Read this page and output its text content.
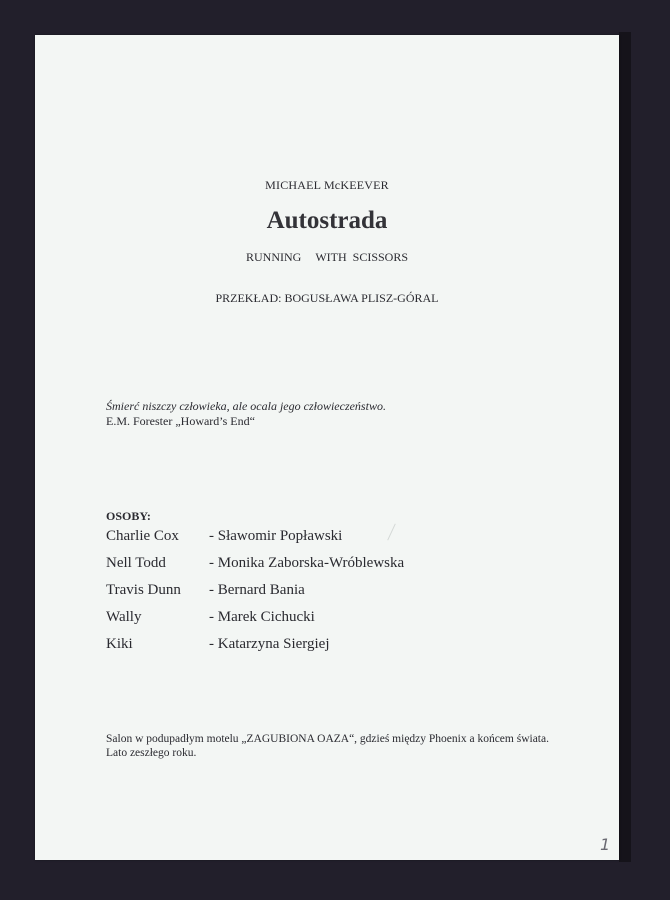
MICHAEL McKEEVER
Autostrada
RUNNING WITH SCISSORS
PRZEKŁAD: BOGUSŁAWA PLISZ-GÓRAL
Śmierć niszczy człowieka, ale ocala jego człowieczeństwo.
E.M. Forester „Howard’s End“
OSOBY:
Charlie Cox - Sławomir Popławski
Nell Todd	- Monika Zaborska-Wróblewska
Travis Dunn - Bernard Bania
Wally	- Marek Cichucki
Kiki	- Katarzyna Siergiej
Salon w podupadłym motelu „ZAGUBIONA OAZA“, gdzieś między Phoenix a końcem świata.
Lato zeszłego roku.
1
